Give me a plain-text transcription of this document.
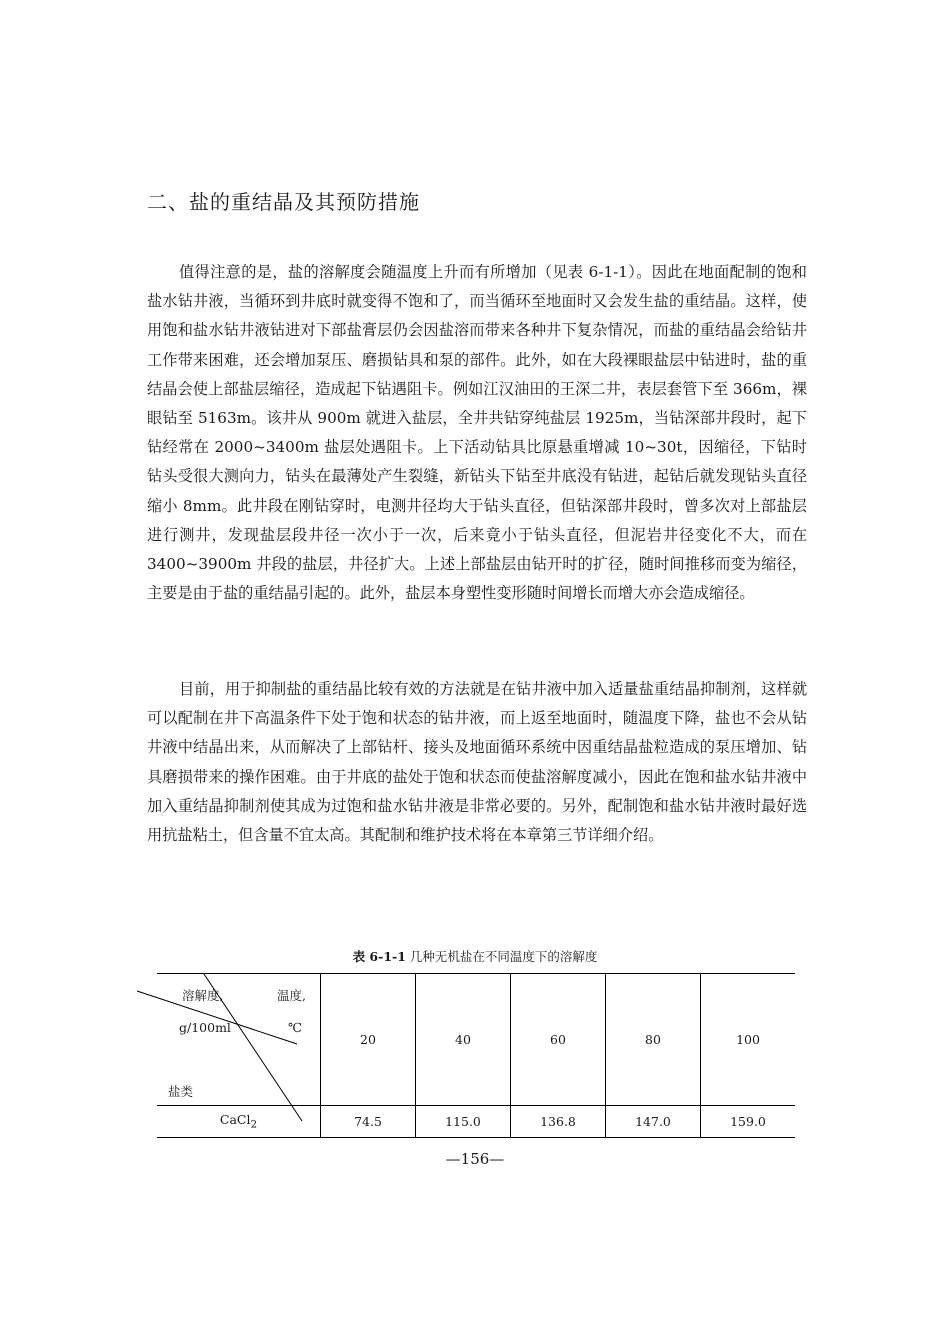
二、盐的重结晶及其预防措施

值得注意的是，盐的溶解度会随温度上升而有所增加（见表 6-1-1）。因此在地面配制的饱和盐水钻井液，当循环到井底时就变得不饱和了，而当循环至地面时又会发生盐的重结晶。这样，使用饱和盐水钻井液钻进对下部盐膏层仍会因盐溶而带来各种井下复杂情况，而盐的重结晶会给钻井工作带来困难，还会增加泵压、磨损钻具和泵的部件。此外，如在大段裸眼盐层中钻进时，盐的重结晶会使上部盐层缩径，造成起下钻遇阻卡。例如江汉油田的王深二井，表层套管下至 366m，裸眼钻至 5163m。该井从 900m 就进入盐层，全井共钻穿纯盐层 1925m，当钻深部井段时，起下钻经常在 2000~3400m 盐层处遇阻卡。上下活动钻具比原悬重增减 10~30t，因缩径，下钻时钻头受很大测向力，钻头在最薄处产生裂缝，新钻头下钻至井底没有钻进，起钻后就发现钻头直径缩小 8mm。此井段在刚钻穿时，电测井径均大于钻头直径，但钻深部井段时，曾多次对上部盐层进行测井，发现盐层段井径一次小于一次，后来竟小于钻头直径，但泥岩井径变化不大，而在 3400~3900m 井段的盐层，井径扩大。上述上部盐层由钻开时的扩径，随时间推移而变为缩径，主要是由于盐的重结晶引起的。此外，盐层本身塑性变形随时间增长而增大亦会造成缩径。

目前，用于抑制盐的重结晶比较有效的方法就是在钻井液中加入适量盐重结晶抑制剂，这样就可以配制在井下高温条件下处于饱和状态的钻井液，而上返至地面时，随温度下降，盐也不会从钻井液中结晶出来，从而解决了上部钻杆、接头及地面循环系统中因重结晶盐粒造成的泵压增加、钻具磨损带来的操作困难。由于井底的盐处于饱和状态而使盐溶解度减小，因此在饱和盐水钻井液中加入重结晶抑制剂使其成为过饱和盐水钻井液是非常必要的。另外，配制饱和盐水钻井液时最好选用抗盐粘土，但含量不宜太高。其配制和维护技术将在本章第三节详细介绍。

表 6-1-1 几种无机盐在不同温度下的溶解度
溶解度, 温度,
g/100ml ℃
盐类	20	40	60	80	100
CaCl$_2$	74.5	115.0	136.8	147.0	159.0
—156—
